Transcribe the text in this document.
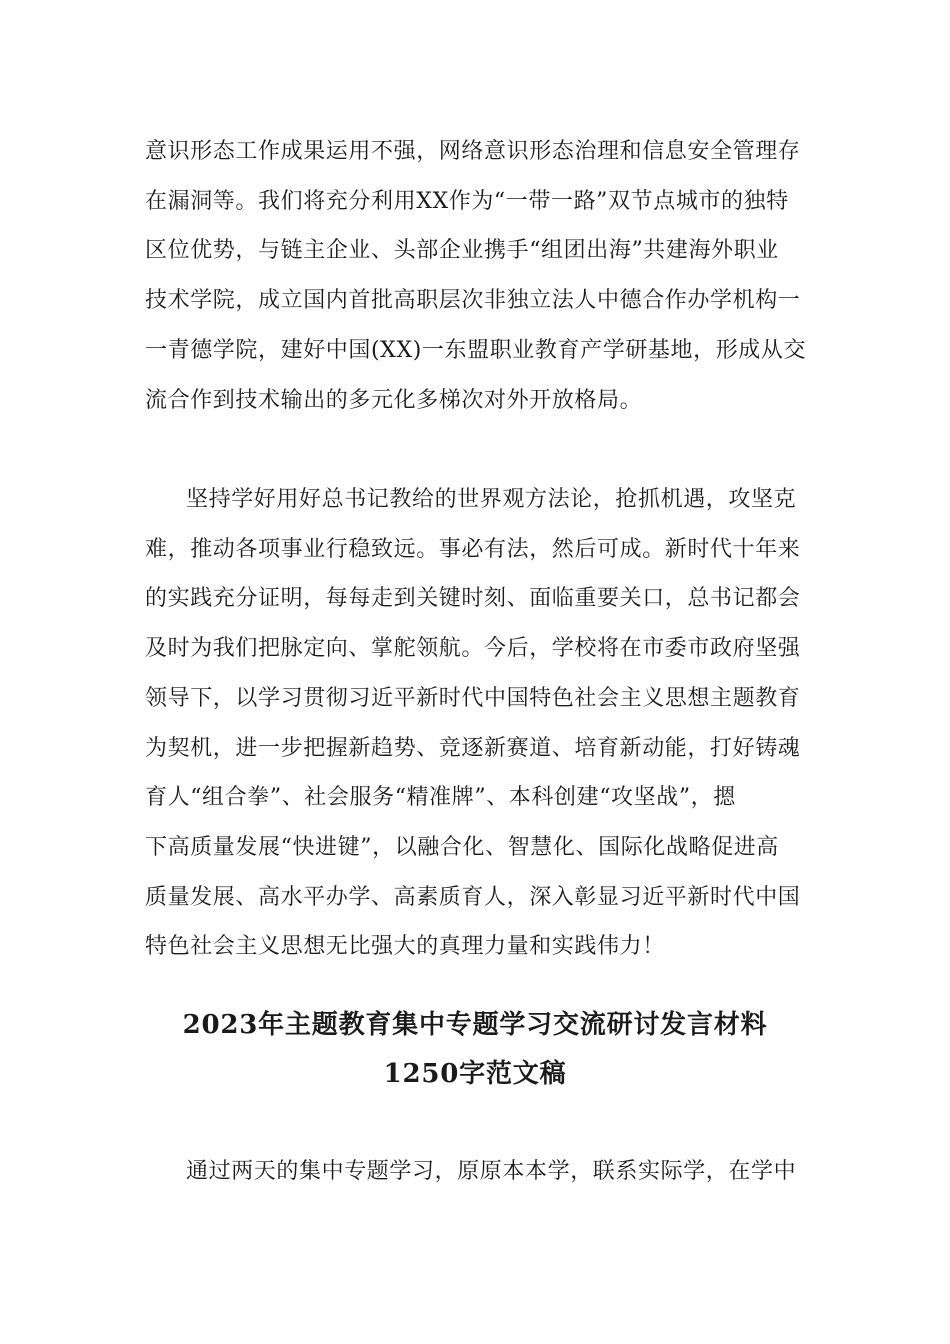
意识形态工作成果运用不强，网络意识形态治理和信息安全管理存
在漏洞等。我们将充分利用XX作为“一带一路”双节点城市的独特
区位优势，与链主企业、头部企业携手“组团出海”共建海外职业
技术学院，成立国内首批高职层次非独立法人中德合作办学机构一
一青德学院，建好中国(XX)一东盟职业教育产学研基地，形成从交
流合作到技术输出的多元化多梯次对外开放格局。
坚持学好用好总书记教给的世界观方法论，抢抓机遇，攻坚克
难，推动各项事业行稳致远。事必有法，然后可成。新时代十年来
的实践充分证明，每每走到关键时刻、面临重要关口，总书记都会
及时为我们把脉定向、掌舵领航。今后，学校将在市委市政府坚强
领导下，以学习贯彻习近平新时代中国特色社会主义思想主题教育
为契机，进一步把握新趋势、竞逐新赛道、培育新动能，打好铸魂
育人“组合拳”、社会服务“精准牌”、本科创建“攻坚战”，摁
下高质量发展“快进键”，以融合化、智慧化、国际化战略促进高
质量发展、高水平办学、高素质育人，深入彰显习近平新时代中国
特色社会主义思想无比强大的真理力量和实践伟力！
2023年主题教育集中专题学习交流研讨发言材料
1250字范文稿
通过两天的集中专题学习，原原本本学，联系实际学，在学中
